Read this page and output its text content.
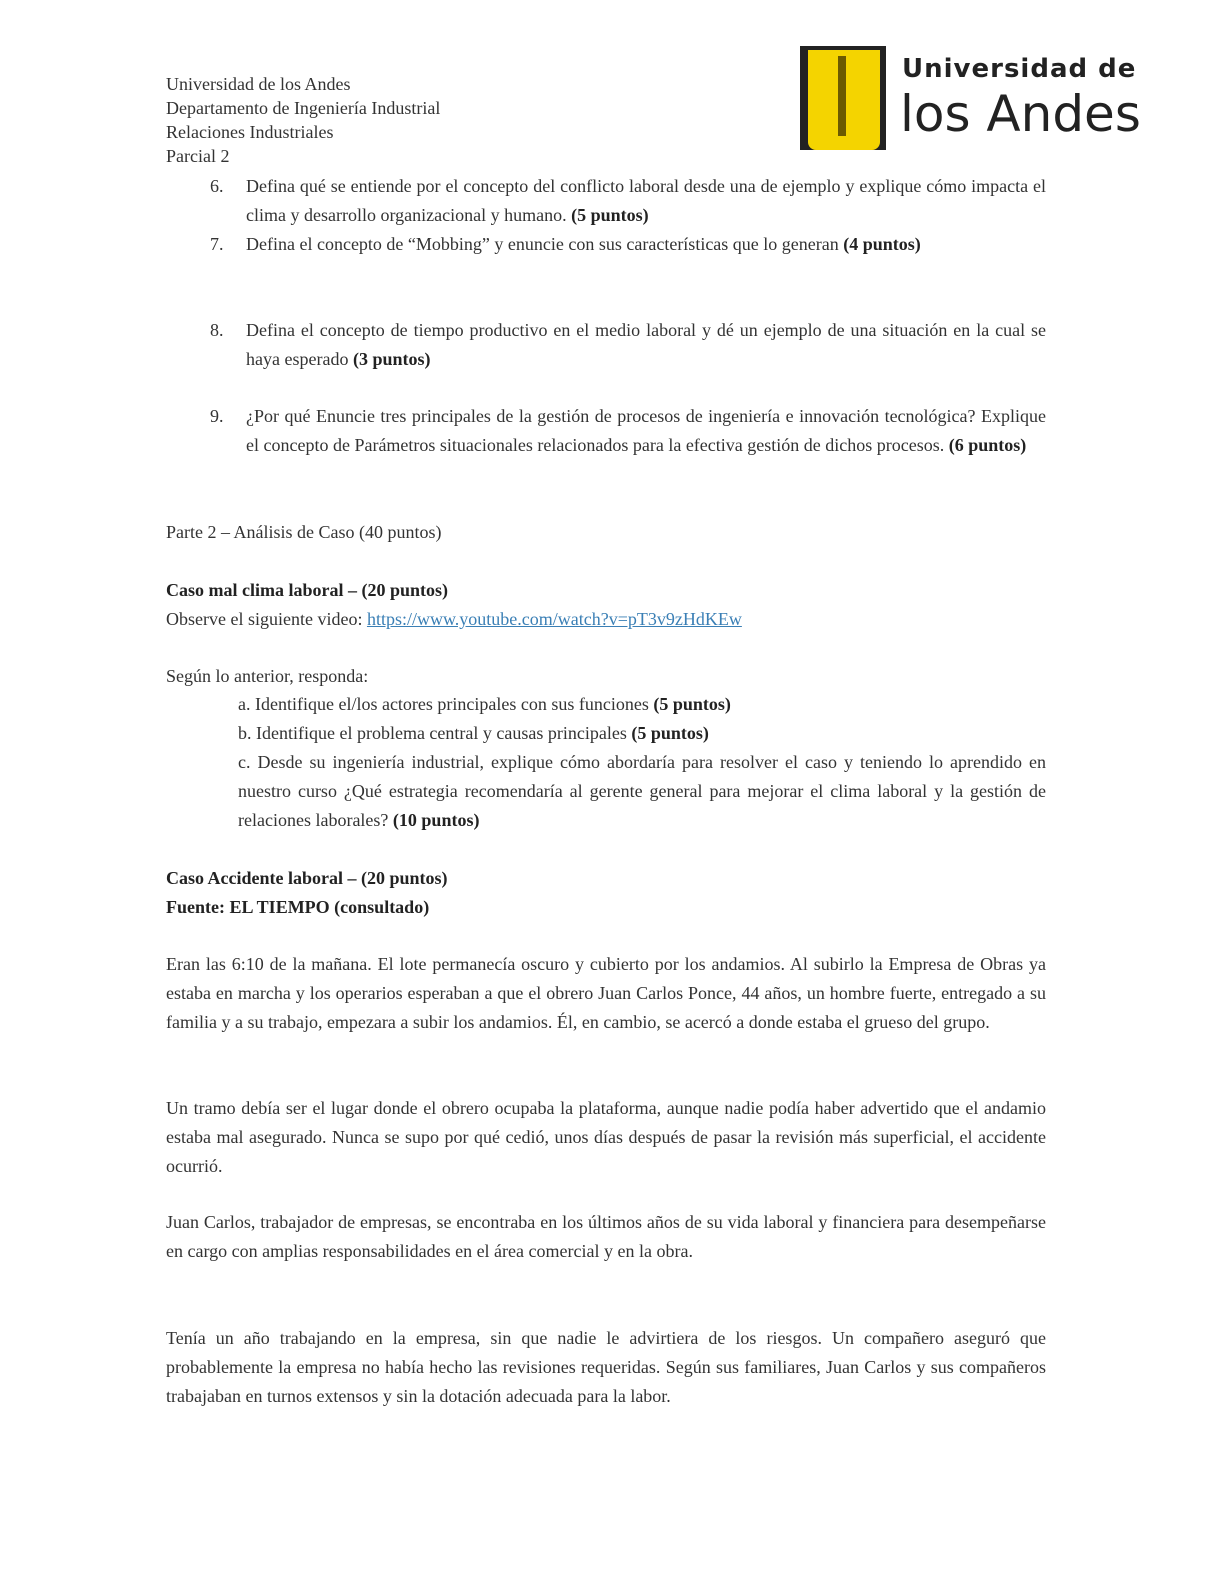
Universidad de los Andes
Departamento de Ingeniería Industrial
Relaciones Industriales
Parcial 2
Universidad de
los Andes
6. Defina qué se entiende por el concepto del conflicto laboral desde una de ejemplo y explique cómo impacta el clima y desarrollo organizacional y humano. (5 puntos)
7. Defina el concepto de “Mobbing” y enuncie con sus características que lo generan (4 puntos)
8. Defina el concepto de tiempo productivo en el medio laboral y dé un ejemplo de una situación en la cual se haya esperado (3 puntos)
9. ¿Por qué Enuncie tres principales de la gestión de procesos de ingeniería e innovación tecnológica? Explique el concepto de Parámetros situacionales relacionados para la efectiva gestión de dichos procesos. (6 puntos)
Parte 2 – Análisis de Caso (40 puntos)
Caso mal clima laboral – (20 puntos)
Observe el siguiente video: https://www.youtube.com/watch?v=pT3v9zHdKEw
Según lo anterior, responda:
a. Identifique el/los actores principales con sus funciones (5 puntos)
b. Identifique el problema central y causas principales (5 puntos)
c. Desde su ingeniería industrial, explique cómo abordaría para resolver el caso y teniendo lo aprendido en nuestro curso ¿Qué estrategia recomendaría al gerente general para mejorar el clima laboral y la gestión de relaciones laborales? (10 puntos)
Caso Accidente laboral – (20 puntos)
Fuente: EL TIEMPO (consultado)
Eran las 6:10 de la mañana. El lote permanecía oscuro y cubierto por los andamios. Al subirlo la Empresa de Obras ya estaba en marcha y los operarios esperaban a que el obrero Juan Carlos Ponce, 44 años, un hombre fuerte, entregado a su familia y a su trabajo, empezara a subir los andamios. Él, en cambio, se acercó a donde estaba el grueso del grupo.
Un tramo debía ser el lugar donde el obrero ocupaba la plataforma, aunque nadie podía haber advertido que el andamio estaba mal asegurado. Nunca se supo por qué cedió, unos días después de pasar la revisión más superficial, el accidente ocurrió.
Juan Carlos, trabajador de empresas, se encontraba en los últimos años de su vida laboral y financiera para desempeñarse en cargo con amplias responsabilidades en el área comercial y en la obra.
Tenía un año trabajando en la empresa, sin que nadie le advirtiera de los riesgos. Un compañero aseguró que probablemente la empresa no había hecho las revisiones requeridas. Según sus familiares, Juan Carlos y sus compañeros trabajaban en turnos extensos y sin la dotación adecuada para la labor.
